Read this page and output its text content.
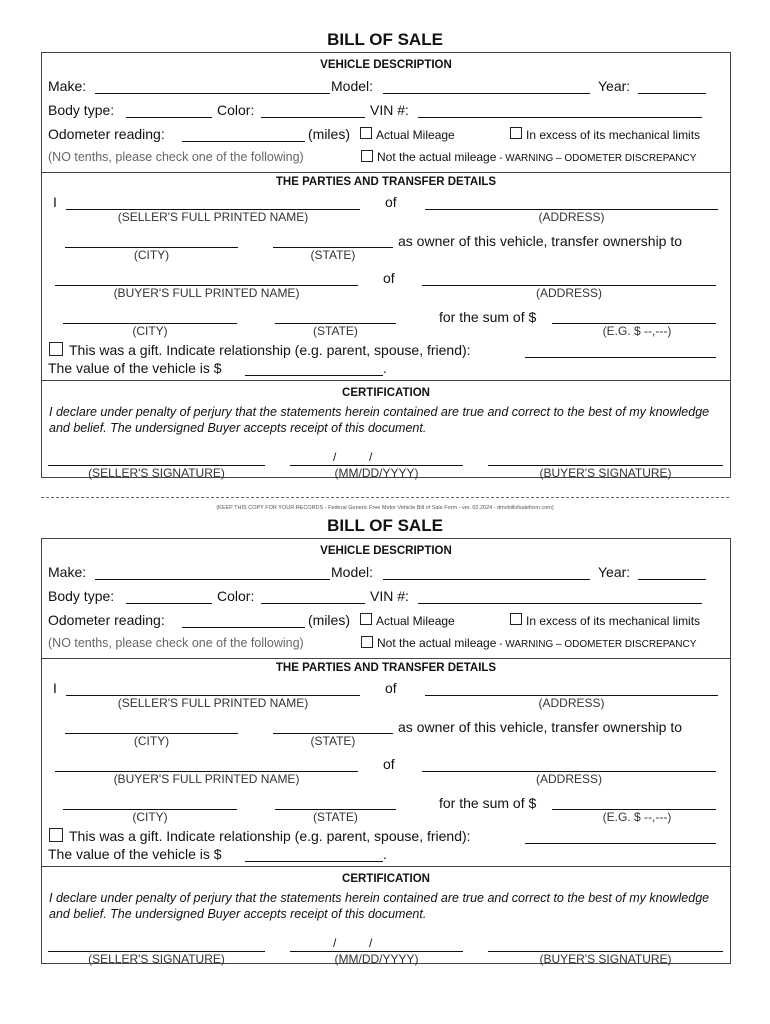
BILL OF SALE
VEHICLE DESCRIPTION
Make:	Model:	Year:
Body type:	Color:	VIN #:
Odometer reading:	(miles) Actual Mileage	In excess of its mechanical limits
(NO tenths, please check one of the following)	Not the actual mileage - WARNING – ODOMETER DISCREPANCY
THE PARTIES AND TRANSFER DETAILS
I	of
(SELLER'S FULL PRINTED NAME)	(ADDRESS)
as owner of this vehicle, transfer ownership to
(CITY)	(STATE)
of
(BUYER'S FULL PRINTED NAME)	(ADDRESS)
for the sum of $
(CITY)	(STATE)	(E.G. $ --,---)
This was a gift. Indicate relationship (e.g. parent, spouse, friend):
The value of the vehicle is $	.
CERTIFICATION
I declare under penalty of perjury that the statements herein contained are true and correct to the best of my knowledge and belief. The undersigned Buyer accepts receipt of this document.
/	/
(SELLER'S SIGNATURE)	(MM/DD/YYYY)	(BUYER'S SIGNATURE)
(KEEP THIS COPY FOR YOUR RECORDS - Federal Generic Free Motor Vehicle Bill of Sale Form - ver. 02.2024 - dmvbillofsaleform.com)
BILL OF SALE
VEHICLE DESCRIPTION
Make:	Model:	Year:
Body type:	Color:	VIN #:
Odometer reading:	(miles) Actual Mileage	In excess of its mechanical limits
(NO tenths, please check one of the following)	Not the actual mileage - WARNING – ODOMETER DISCREPANCY
THE PARTIES AND TRANSFER DETAILS
I	of
(SELLER'S FULL PRINTED NAME)	(ADDRESS)
as owner of this vehicle, transfer ownership to
(CITY)	(STATE)
of
(BUYER'S FULL PRINTED NAME)	(ADDRESS)
for the sum of $
(CITY)	(STATE)	(E.G. $ --,---)
This was a gift. Indicate relationship (e.g. parent, spouse, friend):
The value of the vehicle is $	.
CERTIFICATION
I declare under penalty of perjury that the statements herein contained are true and correct to the best of my knowledge and belief. The undersigned Buyer accepts receipt of this document.
/	/
(SELLER'S SIGNATURE)	(MM/DD/YYYY)	(BUYER'S SIGNATURE)
